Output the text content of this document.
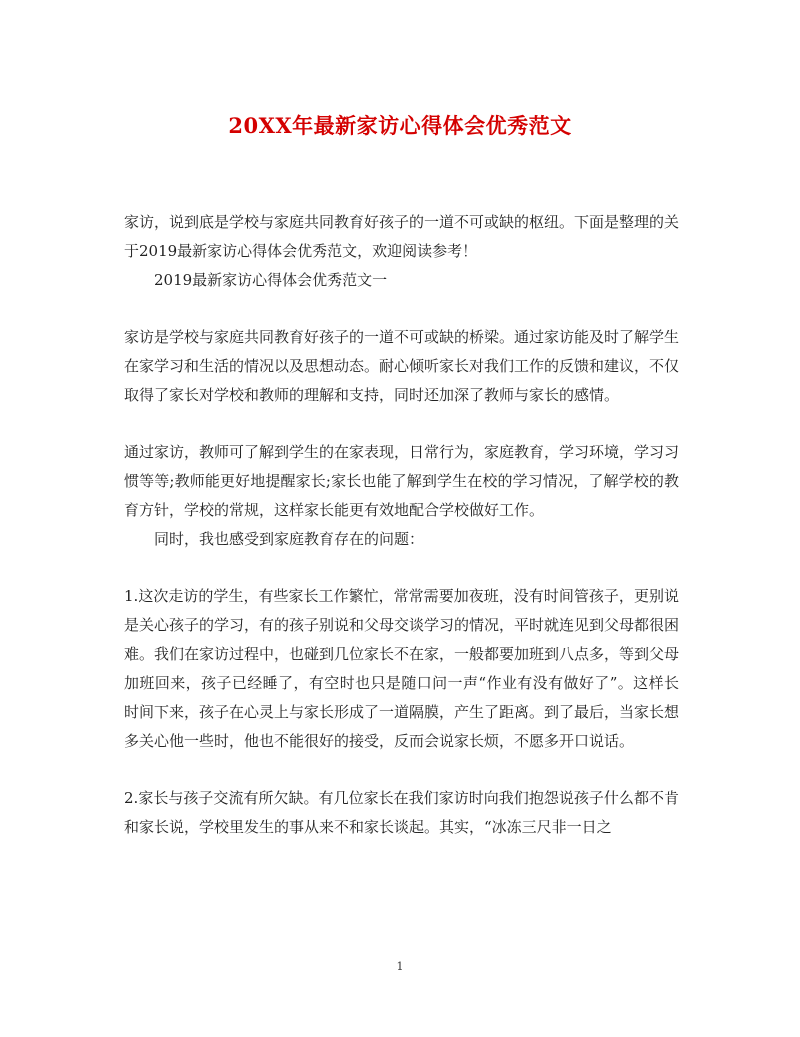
20XX年最新家访心得体会优秀范文

家访，说到底是学校与家庭共同教育好孩子的一道不可或缺的枢纽。下面是整理的关于2019最新家访心得体会优秀范文，欢迎阅读参考！

2019最新家访心得体会优秀范文一

家访是学校与家庭共同教育好孩子的一道不可或缺的桥梁。通过家访能及时了解学生在家学习和生活的情况以及思想动态。耐心倾听家长对我们工作的反馈和建议，不仅取得了家长对学校和教师的理解和支持，同时还加深了教师与家长的感情。

通过家访，教师可了解到学生的在家表现，日常行为，家庭教育，学习环境，学习习惯等等;教师能更好地提醒家长;家长也能了解到学生在校的学习情况，了解学校的教育方针，学校的常规，这样家长能更有效地配合学校做好工作。

同时，我也感受到家庭教育存在的问题：

1.这次走访的学生，有些家长工作繁忙，常常需要加夜班，没有时间管孩子，更别说是关心孩子的学习，有的孩子别说和父母交谈学习的情况，平时就连见到父母都很困难。我们在家访过程中，也碰到几位家长不在家，一般都要加班到八点多，等到父母加班回来，孩子已经睡了，有空时也只是随口问一声“作业有没有做好了”。这样长时间下来，孩子在心灵上与家长形成了一道隔膜，产生了距离。到了最后，当家长想多关心他一些时，他也不能很好的接受，反而会说家长烦，不愿多开口说话。

2.家长与孩子交流有所欠缺。有几位家长在我们家访时向我们抱怨说孩子什么都不肯和家长说，学校里发生的事从来不和家长谈起。其实，“冰冻三尺非一日之

1
